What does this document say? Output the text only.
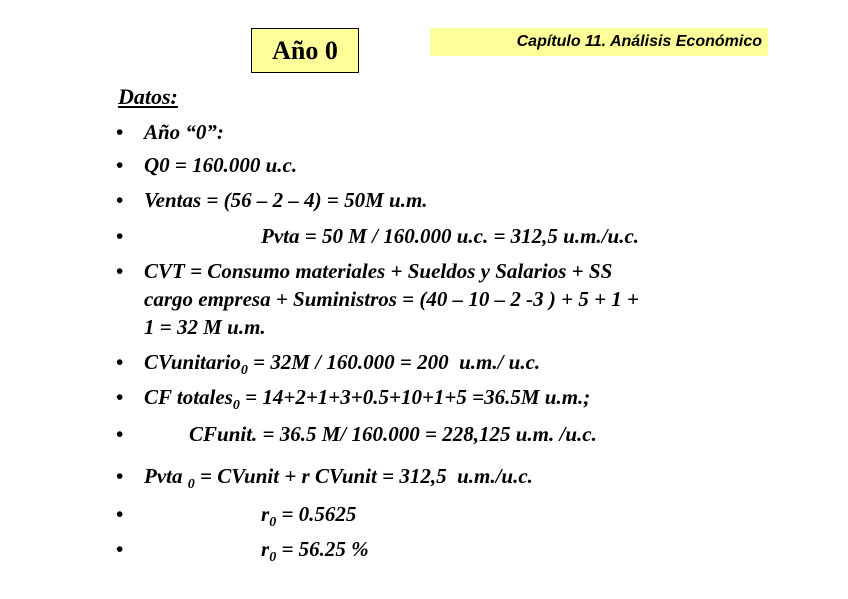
Año 0	Capítulo 11. Análisis Económico
Datos:
• Año “0”:
• Q0 = 160.000 u.c.
• Ventas = (56 – 2 – 4) = 50M u.m.
•	Pvta = 50 M / 160.000 u.c. = 312,5 u.m./u.c.
• CVT = Consumo materiales + Sueldos y Salarios + SS
cargo empresa + Suministros = (40 – 10 – 2 -3 ) + 5 + 1 +
1 = 32 M u.m.
• CVunitario$_0$ = 32M / 160.000 = 200  u.m./ u.c.
• CF totales$_0$ = 14+2+1+3+0.5+10+1+5 =36.5M u.m.;
•	CFunit. = 36.5 M/ 160.000 = 228,125 u.m. /u.c.
• Pvta $_0$ = CVunit + r CVunit = 312,5  u.m./u.c.
•	$r_0 = 0.5625$
•	$r_0 = 56.25$ %
